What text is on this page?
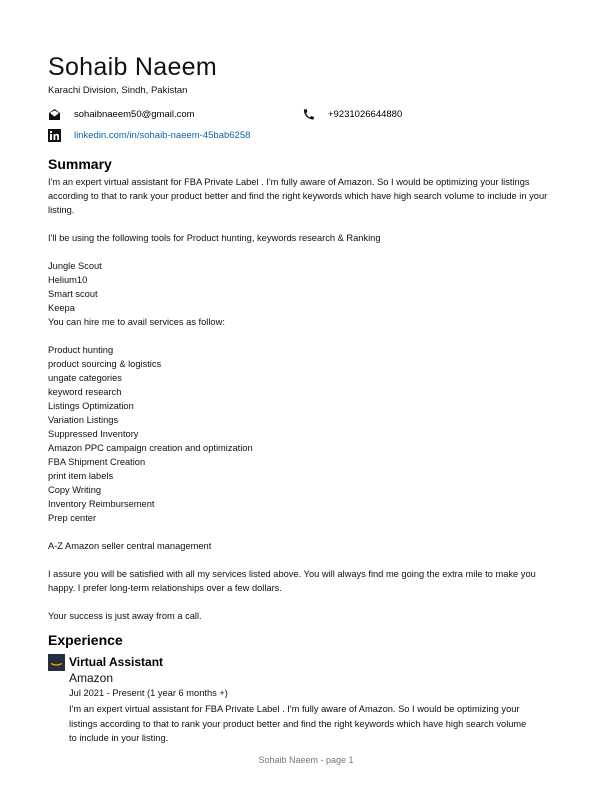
Sohaib Naeem
Karachi Division, Sindh, Pakistan
sohaibnaeem50@gmail.com	+9231026644880
linkedin.com/in/sohaib-naeem-45bab6258
Summary

I'm an expert virtual assistant for FBA Private Label . I'm fully aware of Amazon. So I would be optimizing your listings according to that to rank your product better and find the right keywords which have high search volume to include in your listing.

I'll be using the following tools for Product hunting, keywords research & Ranking

Jungle Scout
Helium10
Smart scout
Keepa
You can hire me to avail services as follow:
Product hunting
product sourcing & logistics
ungate categories
keyword research
Listings Optimization
Variation Listings
Suppressed Inventory
Amazon PPC campaign creation and optimization
FBA Shipment Creation
print item labels
Copy Writing
Inventory Reimbursement
Prep center

A-Z Amazon seller central management

I assure you will be satisfied with all my services listed above. You will always find me going the extra mile to make you happy. I prefer long-term relationships over a few dollars.

Your success is just away from a call.

Experience
Virtual Assistant
Amazon
Jul 2021 - Present (1 year 6 months +)

I'm an expert virtual assistant for FBA Private Label . I'm fully aware of Amazon. So I would be optimizing your listings according to that to rank your product better and find the right keywords which have high search volume to include in your listing.

Sohaib Naeem - page 1
